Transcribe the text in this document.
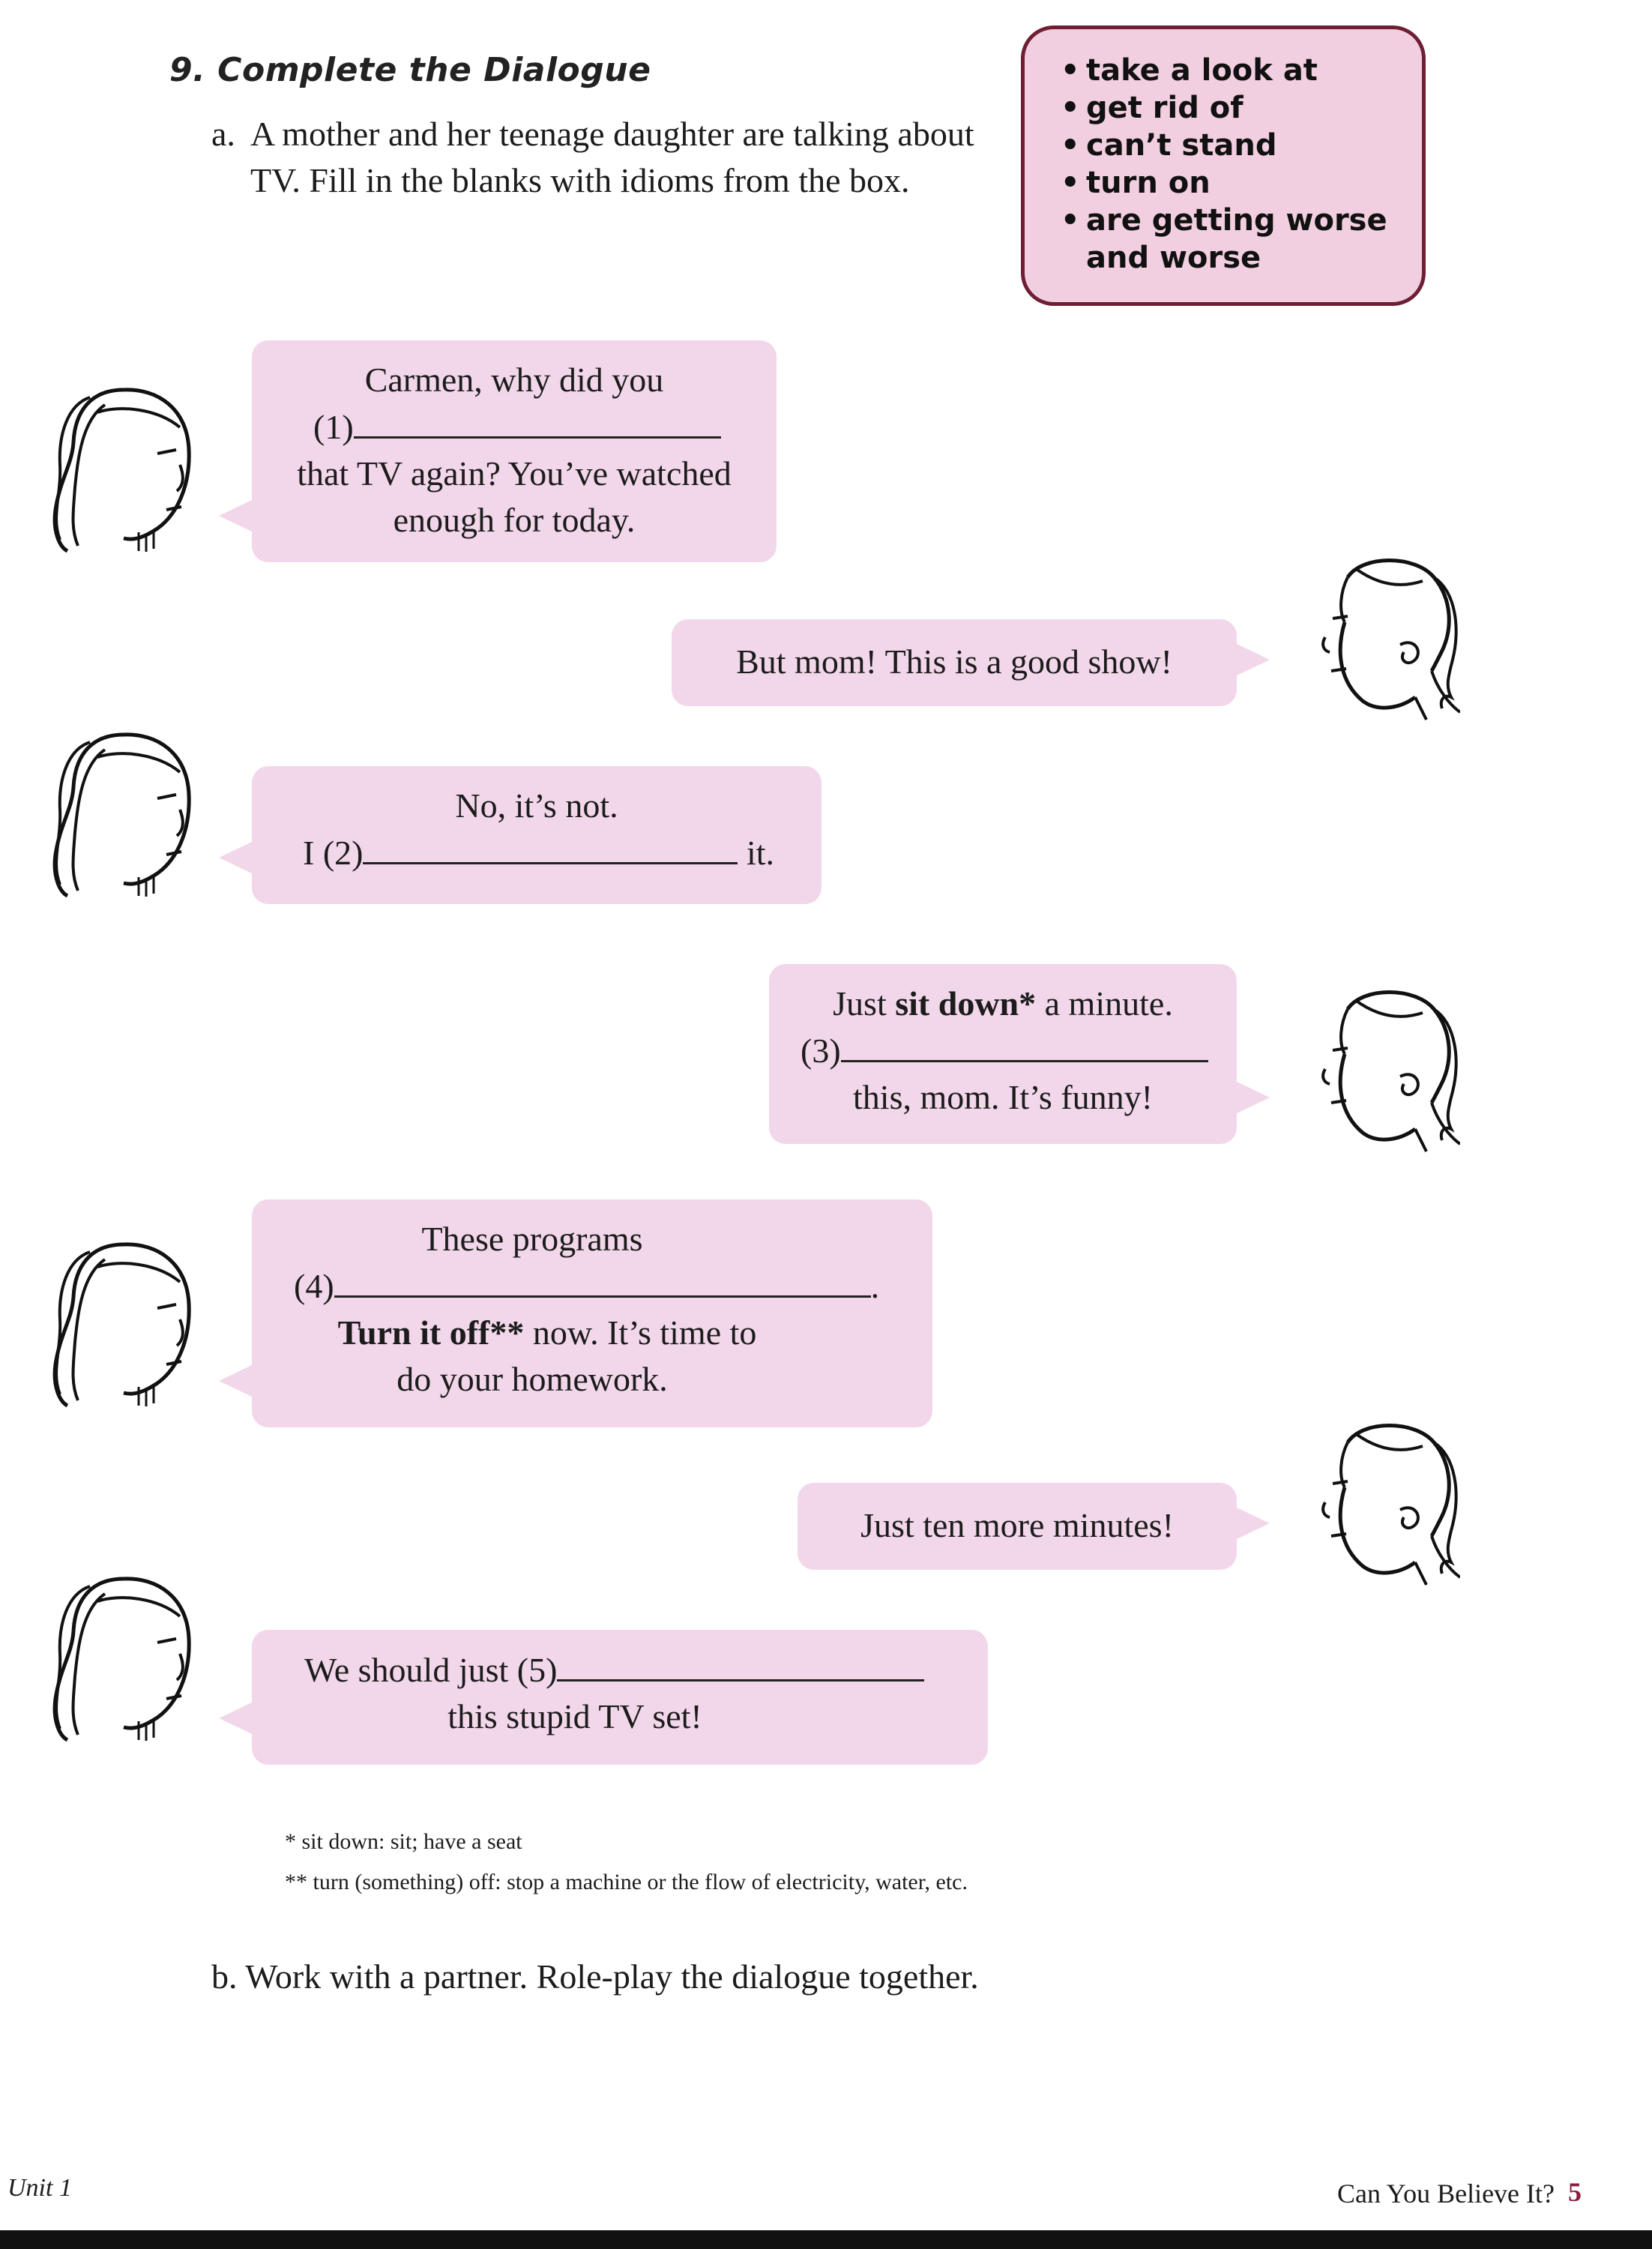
9. Complete the Dialogue
a. A mother and her teenage daughter are talking about TV. Fill in the blanks with idioms from the box.
• take a look at
• get rid of
• can’t stand
• turn on
• are getting worse and worse
Carmen, why did you
(1)
that TV again? You’ve watched
enough for today.
But mom! This is a good show!
No, it’s not.
I (2)	it.
Just sit down* a minute.
(3)
this, mom. It’s funny!
These programs
(4)	.
Turn it off** now. It’s time to
do your homework.
Just ten more minutes!
We should just (5)
this stupid TV set!
* sit down: sit; have a seat
** turn (something) off: stop a machine or the flow of electricity, water, etc.
b. Work with a partner. Role-play the dialogue together.
Unit 1	Can You Believe It? 5
